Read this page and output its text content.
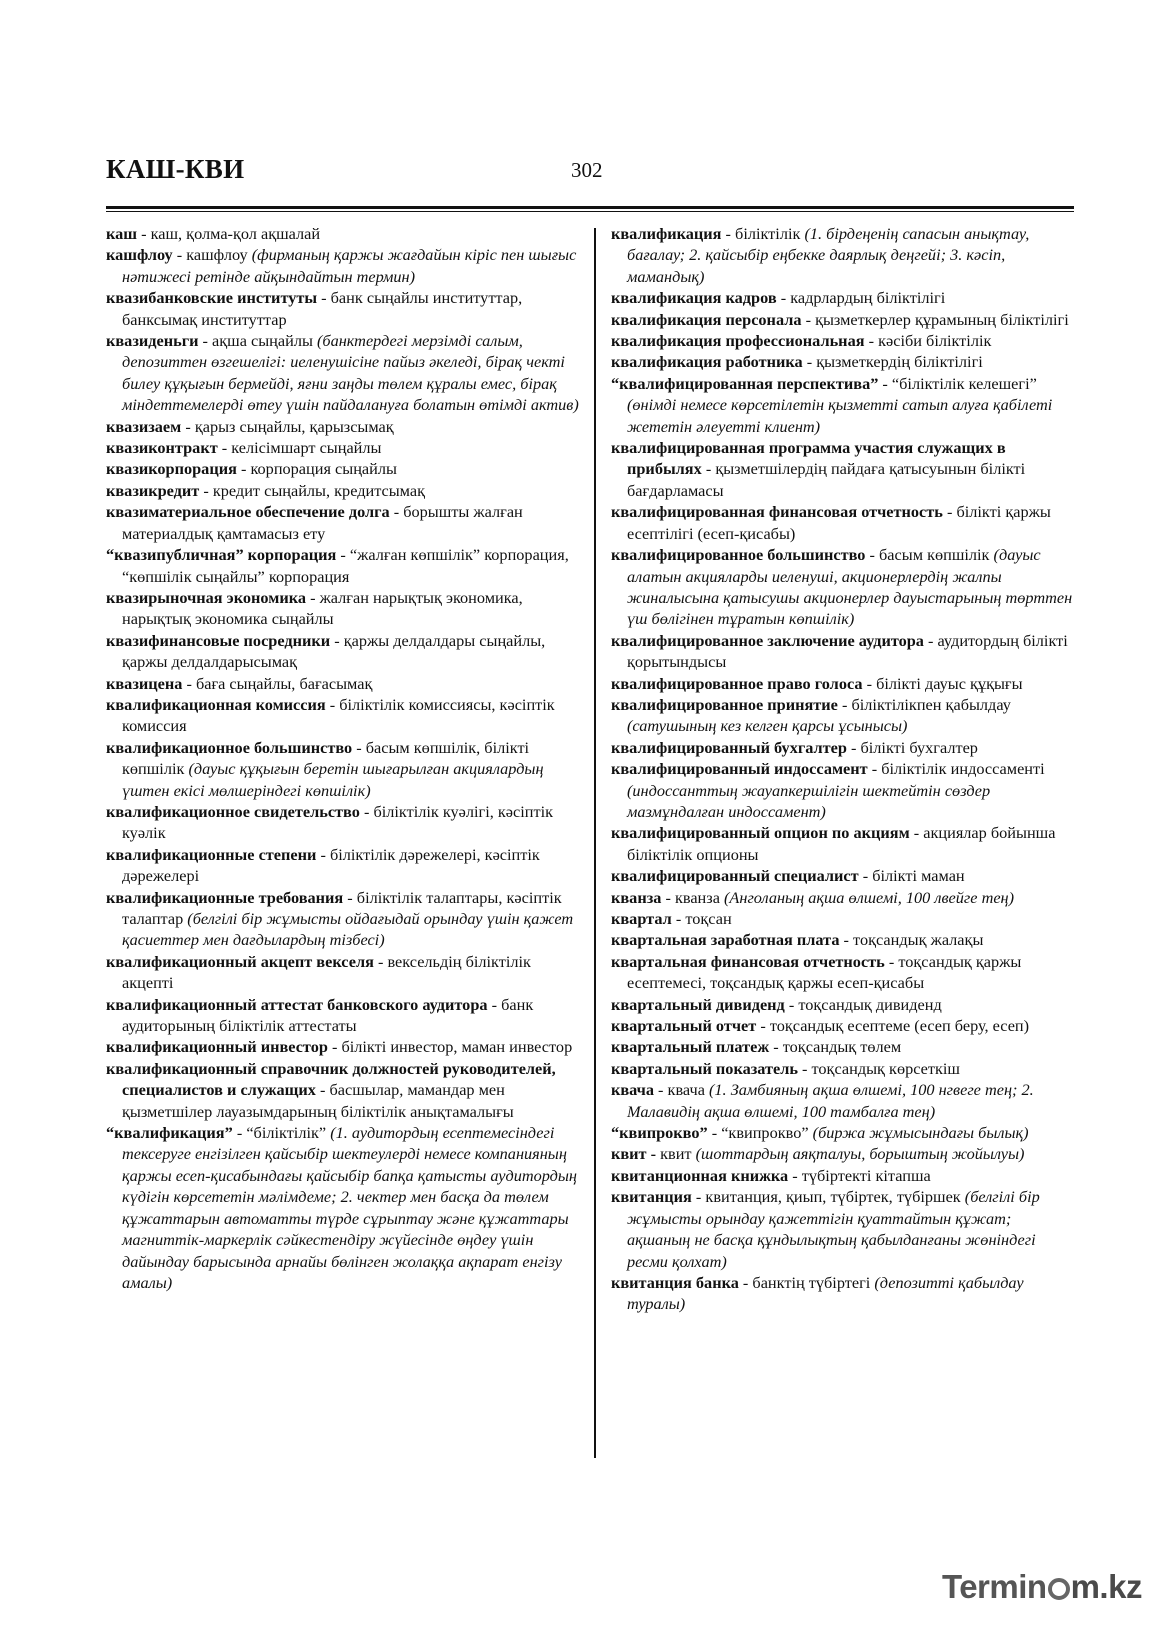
КАШ-КВИ	302

каш - каш, қолма-қол ақшалай

кашфлоу - кашфлоу (фирманың қаржы жағдайын кіріс пен шығыс нәтижесі ретінде айқындайтын термин)

квазибанковские институты - банк сыңайлы институттар, банксымақ институттар

квазиденьги - ақша сыңайлы (банктердегі мерзімді салым, депозиттен өзгешелігі: иеленушісіне пайыз әкеледі, бірақ чекті билеу құқығын бермейді, яғни заңды төлем құралы емес, бірақ міндеттемелерді өтеу үшін пайдалануға болатын өтімді актив)

квазизаем - қарыз сыңайлы, қарызсымақ

квазиконтракт - келісімшарт сыңайлы

квазикорпорация - корпорация сыңайлы

квазикредит - кредит сыңайлы, кредитсымақ

квазиматериальное обеспечение долга - борышты жалған материалдық қамтамасыз ету

“квазипубличная” корпорация - “жалған көпшілік” корпорация, “көпшілік сыңайлы” корпорация

квазирыночная экономика - жалған нарықтық экономика, нарықтық экономика сыңайлы

квазифинансовые посредники - қаржы делдалдары сыңайлы, қаржы делдалдарысымақ

квазицена - баға сыңайлы, бағасымақ

квалификационная комиссия - біліктілік комиссиясы, кәсіптік комиссия

квалификационное большинство - басым көпшілік, білікті көпшілік (дауыс құқығын беретін шығарылған акциялардың үштен екісі мөлшеріндегі көпшілік)

квалификационное свидетельство - біліктілік куәлігі, кәсіптік куәлік

квалификационные степени - біліктілік дәрежелері, кәсіптік дәрежелері

квалификационные требования - біліктілік талаптары, кәсіптік талаптар (белгілі бір жұмысты ойдағыдай орындау үшін қажет қасиеттер мен дағдылардың тізбесі)

квалификационный акцепт векселя - вексельдің біліктілік акцепті

квалификационный аттестат банковского аудитора - банк аудиторының біліктілік аттестаты

квалификационный инвестор - білікті инвестор, маман инвестор

квалификационный справочник должностей руководителей, специалистов и служащих - басшылар, мамандар мен қызметшілер лауазымдарының біліктілік анықтамалығы

“квалификация” - “біліктілік” (1. аудитордың есептемесіндегі тексеруге енгізілген қайсыбір шектеулерді немесе компанияның қаржы есеп-қисабындағы қайсыбір бапқа қатысты аудитордың күдігін көрсететін мәлімдеме; 2. чектер мен басқа да төлем құжаттарын автоматты түрде сұрыптау және құжаттары магниттік-маркерлік сәйкестендіру жүйесінде өңдеу үшін дайындау барысында арнайы бөлінген жолаққа ақпарат енгізу амалы)

квалификация - біліктілік (1. бірдеңенің сапасын анықтау, бағалау; 2. қайсыбір еңбекке даярлық деңгейі; 3. кәсіп, мамандық)

квалификация кадров - кадрлардың біліктілігі

квалификация персонала - қызметкерлер құрамының біліктілігі

квалификация профессиональная - кәсіби біліктілік

квалификация работника - қызметкердің біліктілігі

“квалифицированная перспектива” - “біліктілік келешегі” (өнімді немесе көрсетілетін қызметті сатып алуға қабілеті жететін әлеуетті клиент)

квалифицированная программа участия служащих в прибылях - қызметшілердің пайдаға қатысуынын білікті бағдарламасы

квалифицированная финансовая отчетность - білікті қаржы есептілігі (есеп-қисабы)

квалифицированное большинство - басым көпшілік (дауыс алатын акцияларды иеленуші, акционерлердің жалпы жиналысына қатысушы акционерлер дауыстарының төрттен үш бөлігінен тұратын көпшілік)

квалифицированное заключение аудитора - аудитордың білікті қорытындысы

квалифицированное право голоса - білікті дауыс құқығы

квалифицированное принятие - біліктілікпен қабылдау (сатушының кез келген қарсы ұсынысы)

квалифицированный бухгалтер - білікті бухгалтер

квалифицированный индоссамент - біліктілік индоссаменті (индоссанттың жауапкершілігін шектейтін сөздер мазмұндалған индоссамент)

квалифицированный опцион по акциям - акциялар бойынша біліктілік опционы

квалифицированный специалист - білікті маман

кванза - кванза (Анголаның ақша өлшемі, 100 лвейге тең)

квартал - тоқсан

квартальная заработная плата - тоқсандық жалақы

квартальная финансовая отчетность - тоқсандық қаржы есептемесі, тоқсандық қаржы есеп-қисабы

квартальный дивиденд - тоқсандық дивиденд

квартальный отчет - тоқсандық есептеме (есеп беру, есеп)

квартальный платеж - тоқсандық төлем

квартальный показатель - тоқсандық көрсеткіш

квача - квача (1. Замбияның ақша өлшемі, 100 нгвеге тең; 2. Малавидің ақша өлшемі, 100 тамбалға тең)

“квипрокво” - “квипрокво” (биржа жұмысындағы былық)

квит - квит (шоттардың аяқталуы, борыштың жойылуы)

квитанционная книжка - түбіртекті кітапша

квитанция - квитанция, қиып, түбіртек, түбіршек (белгілі бір жұмысты орындау қажеттігін қуаттайтын құжат; ақшаның не басқа құндылықтың қабылданғаны жөніндегі ресми қолхат)

квитанция банка - банктің түбіртегі (депозитті қабылдау туралы)

Termin m.kz
